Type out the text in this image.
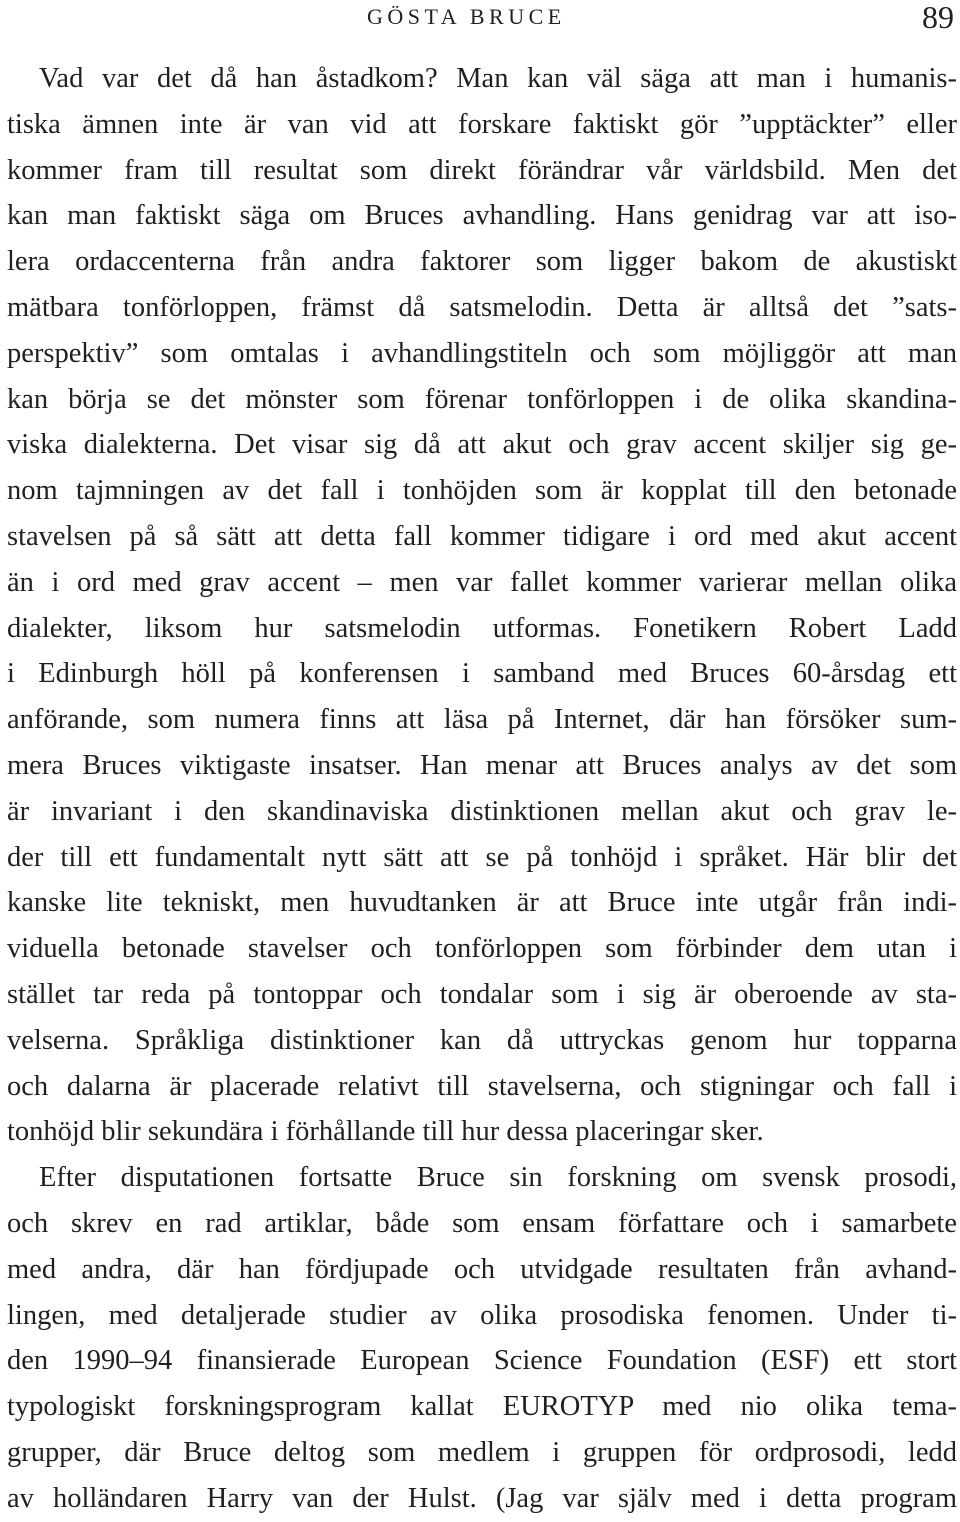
GÖSTA BRUCE	89
Vad var det då han åstadkom? Man kan väl säga att man i humanis-
tiska ämnen inte är van vid att forskare faktiskt gör ”upptäckter” eller
kommer fram till resultat som direkt förändrar vår världsbild. Men det
kan man faktiskt säga om Bruces avhandling. Hans genidrag var att iso-
lera ordaccenterna från andra faktorer som ligger bakom de akustiskt
mätbara tonförloppen, främst då satsmelodin. Detta är alltså det ”sats-
perspektiv” som omtalas i avhandlingstiteln och som möjliggör att man
kan börja se det mönster som förenar tonförloppen i de olika skandina-
viska dialekterna. Det visar sig då att akut och grav accent skiljer sig ge-
nom tajmningen av det fall i tonhöjden som är kopplat till den betonade
stavelsen på så sätt att detta fall kommer tidigare i ord med akut accent
än i ord med grav accent – men var fallet kommer varierar mellan olika
dialekter, liksom hur satsmelodin utformas. Fonetikern Robert Ladd
i Edinburgh höll på konferensen i samband med Bruces 60-årsdag ett
anförande, som numera finns att läsa på Internet, där han försöker sum-
mera Bruces viktigaste insatser. Han menar att Bruces analys av det som
är invariant i den skandinaviska distinktionen mellan akut och grav le-
der till ett fundamentalt nytt sätt att se på tonhöjd i språket. Här blir det
kanske lite tekniskt, men huvudtanken är att Bruce inte utgår från indi-
viduella betonade stavelser och tonförloppen som förbinder dem utan i
stället tar reda på tontoppar och tondalar som i sig är oberoende av sta-
velserna. Språkliga distinktioner kan då uttryckas genom hur topparna
och dalarna är placerade relativt till stavelserna, och stigningar och fall i
tonhöjd blir sekundära i förhållande till hur dessa placeringar sker.
Efter disputationen fortsatte Bruce sin forskning om svensk prosodi,
och skrev en rad artiklar, både som ensam författare och i samarbete
med andra, där han fördjupade och utvidgade resultaten från avhand-
lingen, med detaljerade studier av olika prosodiska fenomen. Under ti-
den 1990–94 finansierade European Science Foundation (ESF) ett stort
typologiskt forskningsprogram kallat EUROTYP med nio olika tema-
grupper, där Bruce deltog som medlem i gruppen för ordprosodi, ledd
av holländaren Harry van der Hulst. (Jag var själv med i detta program
